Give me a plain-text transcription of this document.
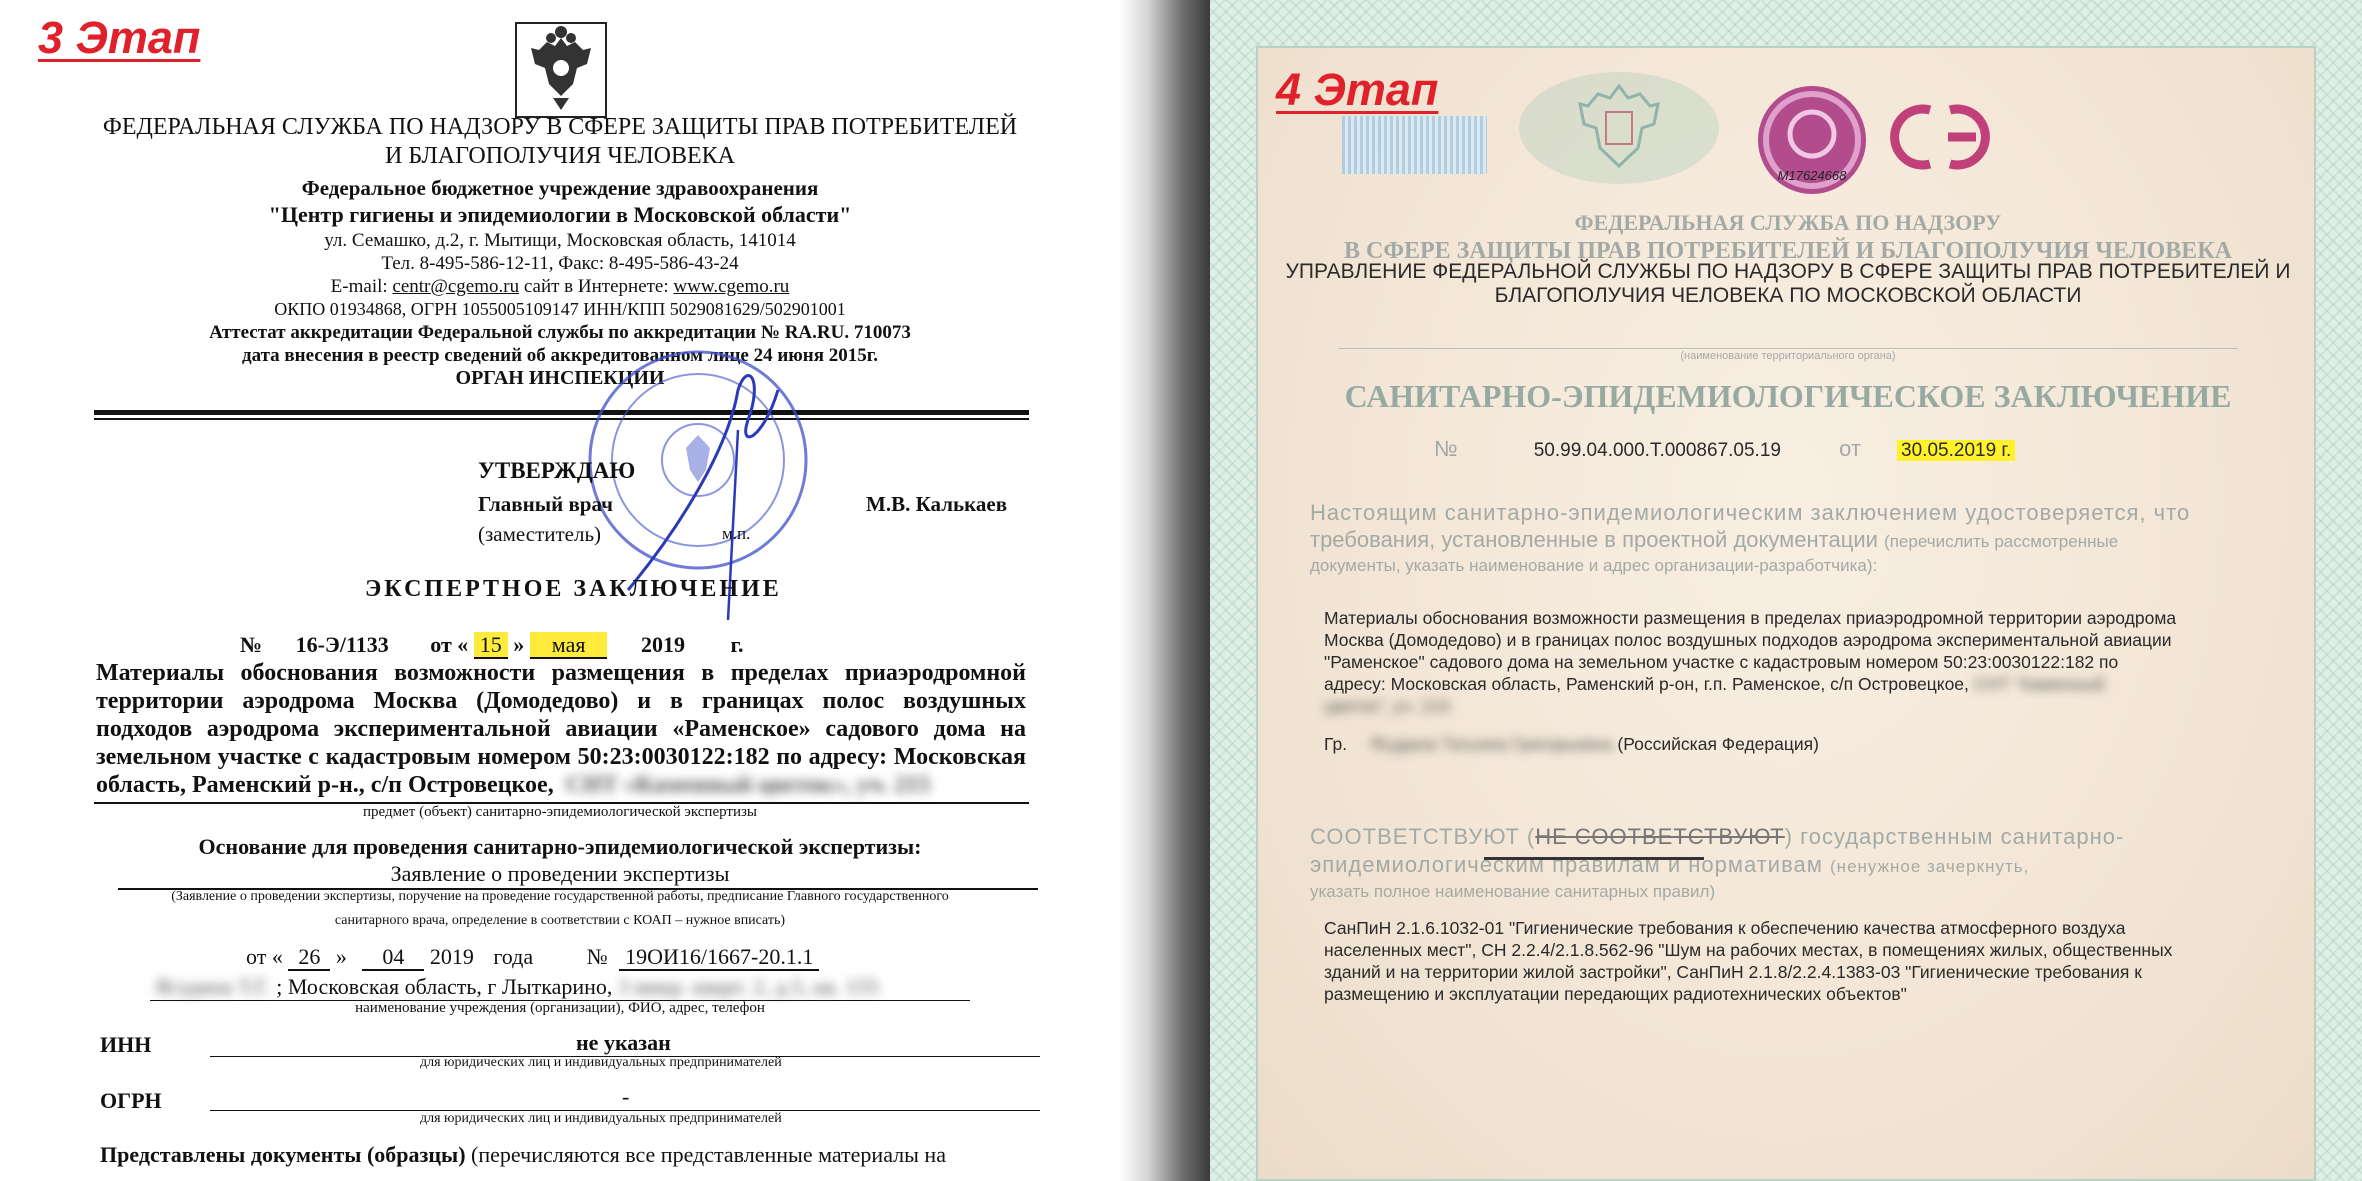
3 Этап
ФЕДЕРАЛЬНАЯ СЛУЖБА ПО НАДЗОРУ В СФЕРЕ ЗАЩИТЫ ПРАВ ПОТРЕБИТЕЛЕЙ
И БЛАГОПОЛУЧИЯ ЧЕЛОВЕКА
Федеральное бюджетное учреждение здравоохранения
"Центр гигиены и эпидемиологии в Московской области"
ул. Семашко, д.2, г. Мытищи, Московская область, 141014
Тел. 8-495-586-12-11, Факс: 8-495-586-43-24
E-mail: centr@cgemo.ru сайт в Интернете: www.cgemo.ru
ОКПО 01934868, ОГРН 1055005109147 ИНН/КПП 5029081629/502901001
Аттестат аккредитации Федеральной службы по аккредитации № RA.RU. 710073
дата внесения в реестр сведений об аккредитованном лице 24 июня 2015г.
ОРГАН ИНСПЕКЦИИ
УТВЕРЖДАЮ
Главный врач
(заместитель)
М.В. Калькаев
м.п.
ЭКСПЕРТНОЕ ЗАКЛЮЧЕНИЕ
№ 16-Э/1133 от « 15 » мая	2019 г.
Материалы обоснования возможности размещения в пределах приаэродромной
территории аэродрома Москва (Домодедово) и в границах полос воздушных
подходов аэродрома экспериментальной авиации «Раменское» садового дома на
земельном участке с кадастровым номером 50:23:0030122:182 по адресу: Московская
область, Раменский р-н., с/п Островецкое, СНТ «Каменный цветок», уч. 215
предмет (объект) санитарно-эпидемиологической экспертизы
Основание для проведения санитарно-эпидемиологической экспертизы:
Заявление о проведении экспертизы
(Заявление о проведении экспертизы, поручение на проведение государственной работы, предписание Главного государственного
санитарного врача, определение в соответствии с КОАП – нужное вписать)
от « 26 » 04 2019 года № 19ОИ16/1667-20.1.1
Ягудина Т.Г. ; Московская область, г Лыткарино, 3 микр. кварт. 2, д.5, кв. 155
наименование учреждения (организации), ФИО, адрес, телефон
ИНН	не указан
для юридических лиц и индивидуальных предпринимателей
ОГРН	-
для юридических лиц и индивидуальных предпринимателей
Представлены документы (образцы) (перечисляются все представленные материалы на
4 Этап
M17624668
ФЕДЕРАЛЬНАЯ СЛУЖБА ПО НАДЗОРУ
В СФЕРЕ ЗАЩИТЫ ПРАВ ПОТРЕБИТЕЛЕЙ И БЛАГОПОЛУЧИЯ ЧЕЛОВЕКА
УПРАВЛЕНИЕ ФЕДЕРАЛЬНОЙ СЛУЖБЫ ПО НАДЗОРУ В СФЕРЕ ЗАЩИТЫ ПРАВ ПОТРЕБИТЕЛЕЙ И
БЛАГОПОЛУЧИЯ ЧЕЛОВЕКА ПО МОСКОВСКОЙ ОБЛАСТИ
(наименование территориального органа)
САНИТАРНО-ЭПИДЕМИОЛОГИЧЕСКОЕ ЗАКЛЮЧЕНИЕ
№	50.99.04.000.Т.000867.05.19	от 30.05.2019 г.
Настоящим санитарно-эпидемиологическим заключением удостоверяется, что
требования, установленные в проектной документации (перечислить рассмотренные
документы, указать наименование и адрес организации-разработчика):
Материалы обоснования возможности размещения в пределах приаэродромной территории аэродрома
Москва (Домодедово) и в границах полос воздушных подходов аэродрома экспериментальной авиации
"Раменское" садового дома на земельном участке с кадастровым номером 50:23:0030122:182 по
адресу: Московская область, Раменский р-он, г.п. Раменское, с/п Островецкое, СНТ "Каменный
цветок", уч. 215
Гр. Ягудина Татьяна Григорьевна (Российская Федерация)
СООТВЕТСТВУЮТ (НЕ СООТВЕТСТВУЮТ) государственным санитарно-
эпидемиологическим правилам и нормативам (ненужное зачеркнуть,
указать полное наименование санитарных правил)
СанПиН 2.1.6.1032-01 "Гигиенические требования к обеспечению качества атмосферного воздуха
населенных мест", СН 2.2.4/2.1.8.562-96 "Шум на рабочих местах, в помещениях жилых, общественных
зданий и на территории жилой застройки", СанПиН 2.1.8/2.2.4.1383-03 "Гигиенические требования к
размещению и эксплуатации передающих радиотехнических объектов"
